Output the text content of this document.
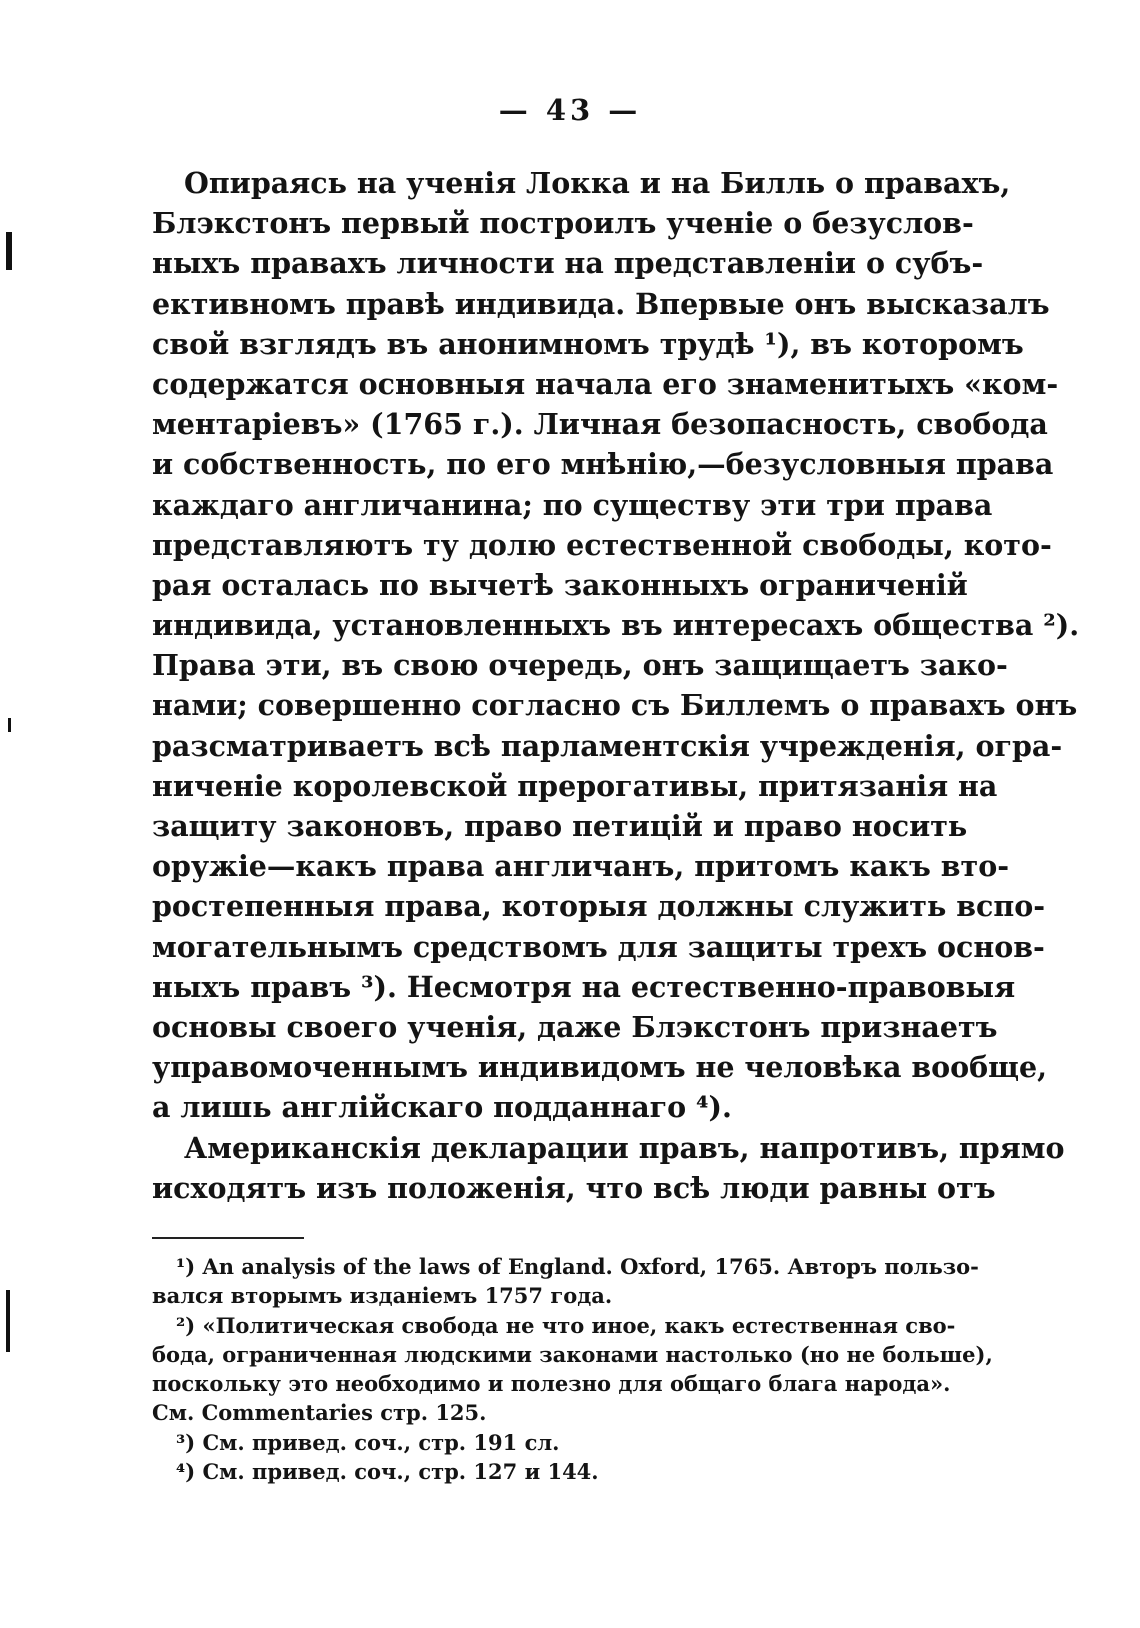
— 43 —
Опираясь на ученія Локка и на Билль о правахъ,
Блэкстонъ первый построилъ ученіе о безуслов-
ныхъ правахъ личности на представленіи о субъ-
ективномъ правѣ индивида. Впервые онъ высказалъ
свой взглядъ въ анонимномъ трудѣ ¹), въ которомъ
содержатся основныя начала его знаменитыхъ «ком-
ментаріевъ» (1765 г.). Личная безопасность, свобода
и собственность, по его мнѣнію,—безусловныя права
каждаго англичанина; по существу эти три права
представляютъ ту долю естественной свободы, кото-
рая осталась по вычетѣ законныхъ ограниченій
индивида, установленныхъ въ интересахъ общества ²).
Права эти, въ свою очередь, онъ защищаетъ зако-
нами; совершенно согласно съ Биллемъ о правахъ онъ
разсматриваетъ всѣ парламентскія учрежденія, огра-
ниченіе королевской прерогативы, притязанія на
защиту законовъ, право петицій и право носить
оружіе—какъ права англичанъ, притомъ какъ вто-
ростепенныя права, которыя должны служить вспо-
могательнымъ средствомъ для защиты трехъ основ-
ныхъ правъ ³). Несмотря на естественно-правовыя
основы своего ученія, даже Блэкстонъ признаетъ
управомоченнымъ индивидомъ не человѣка вообще,
а лишь англійскаго подданнаго ⁴).
Американскія декларации правъ, напротивъ, прямо
исходятъ изъ положенія, что всѣ люди равны отъ
¹) An analysis of the laws of England. Oxford, 1765. Авторъ пользо-
вался вторымъ изданіемъ 1757 года.
²) «Политическая свобода не что иное, какъ естественная сво-
бода, ограниченная людскими законами настолько (но не больше),
поскольку это необходимо и полезно для общаго блага народа».
См. Commentaries стр. 125.
³) См. привед. соч., стр. 191 сл.
⁴) См. привед. соч., стр. 127 и 144.
